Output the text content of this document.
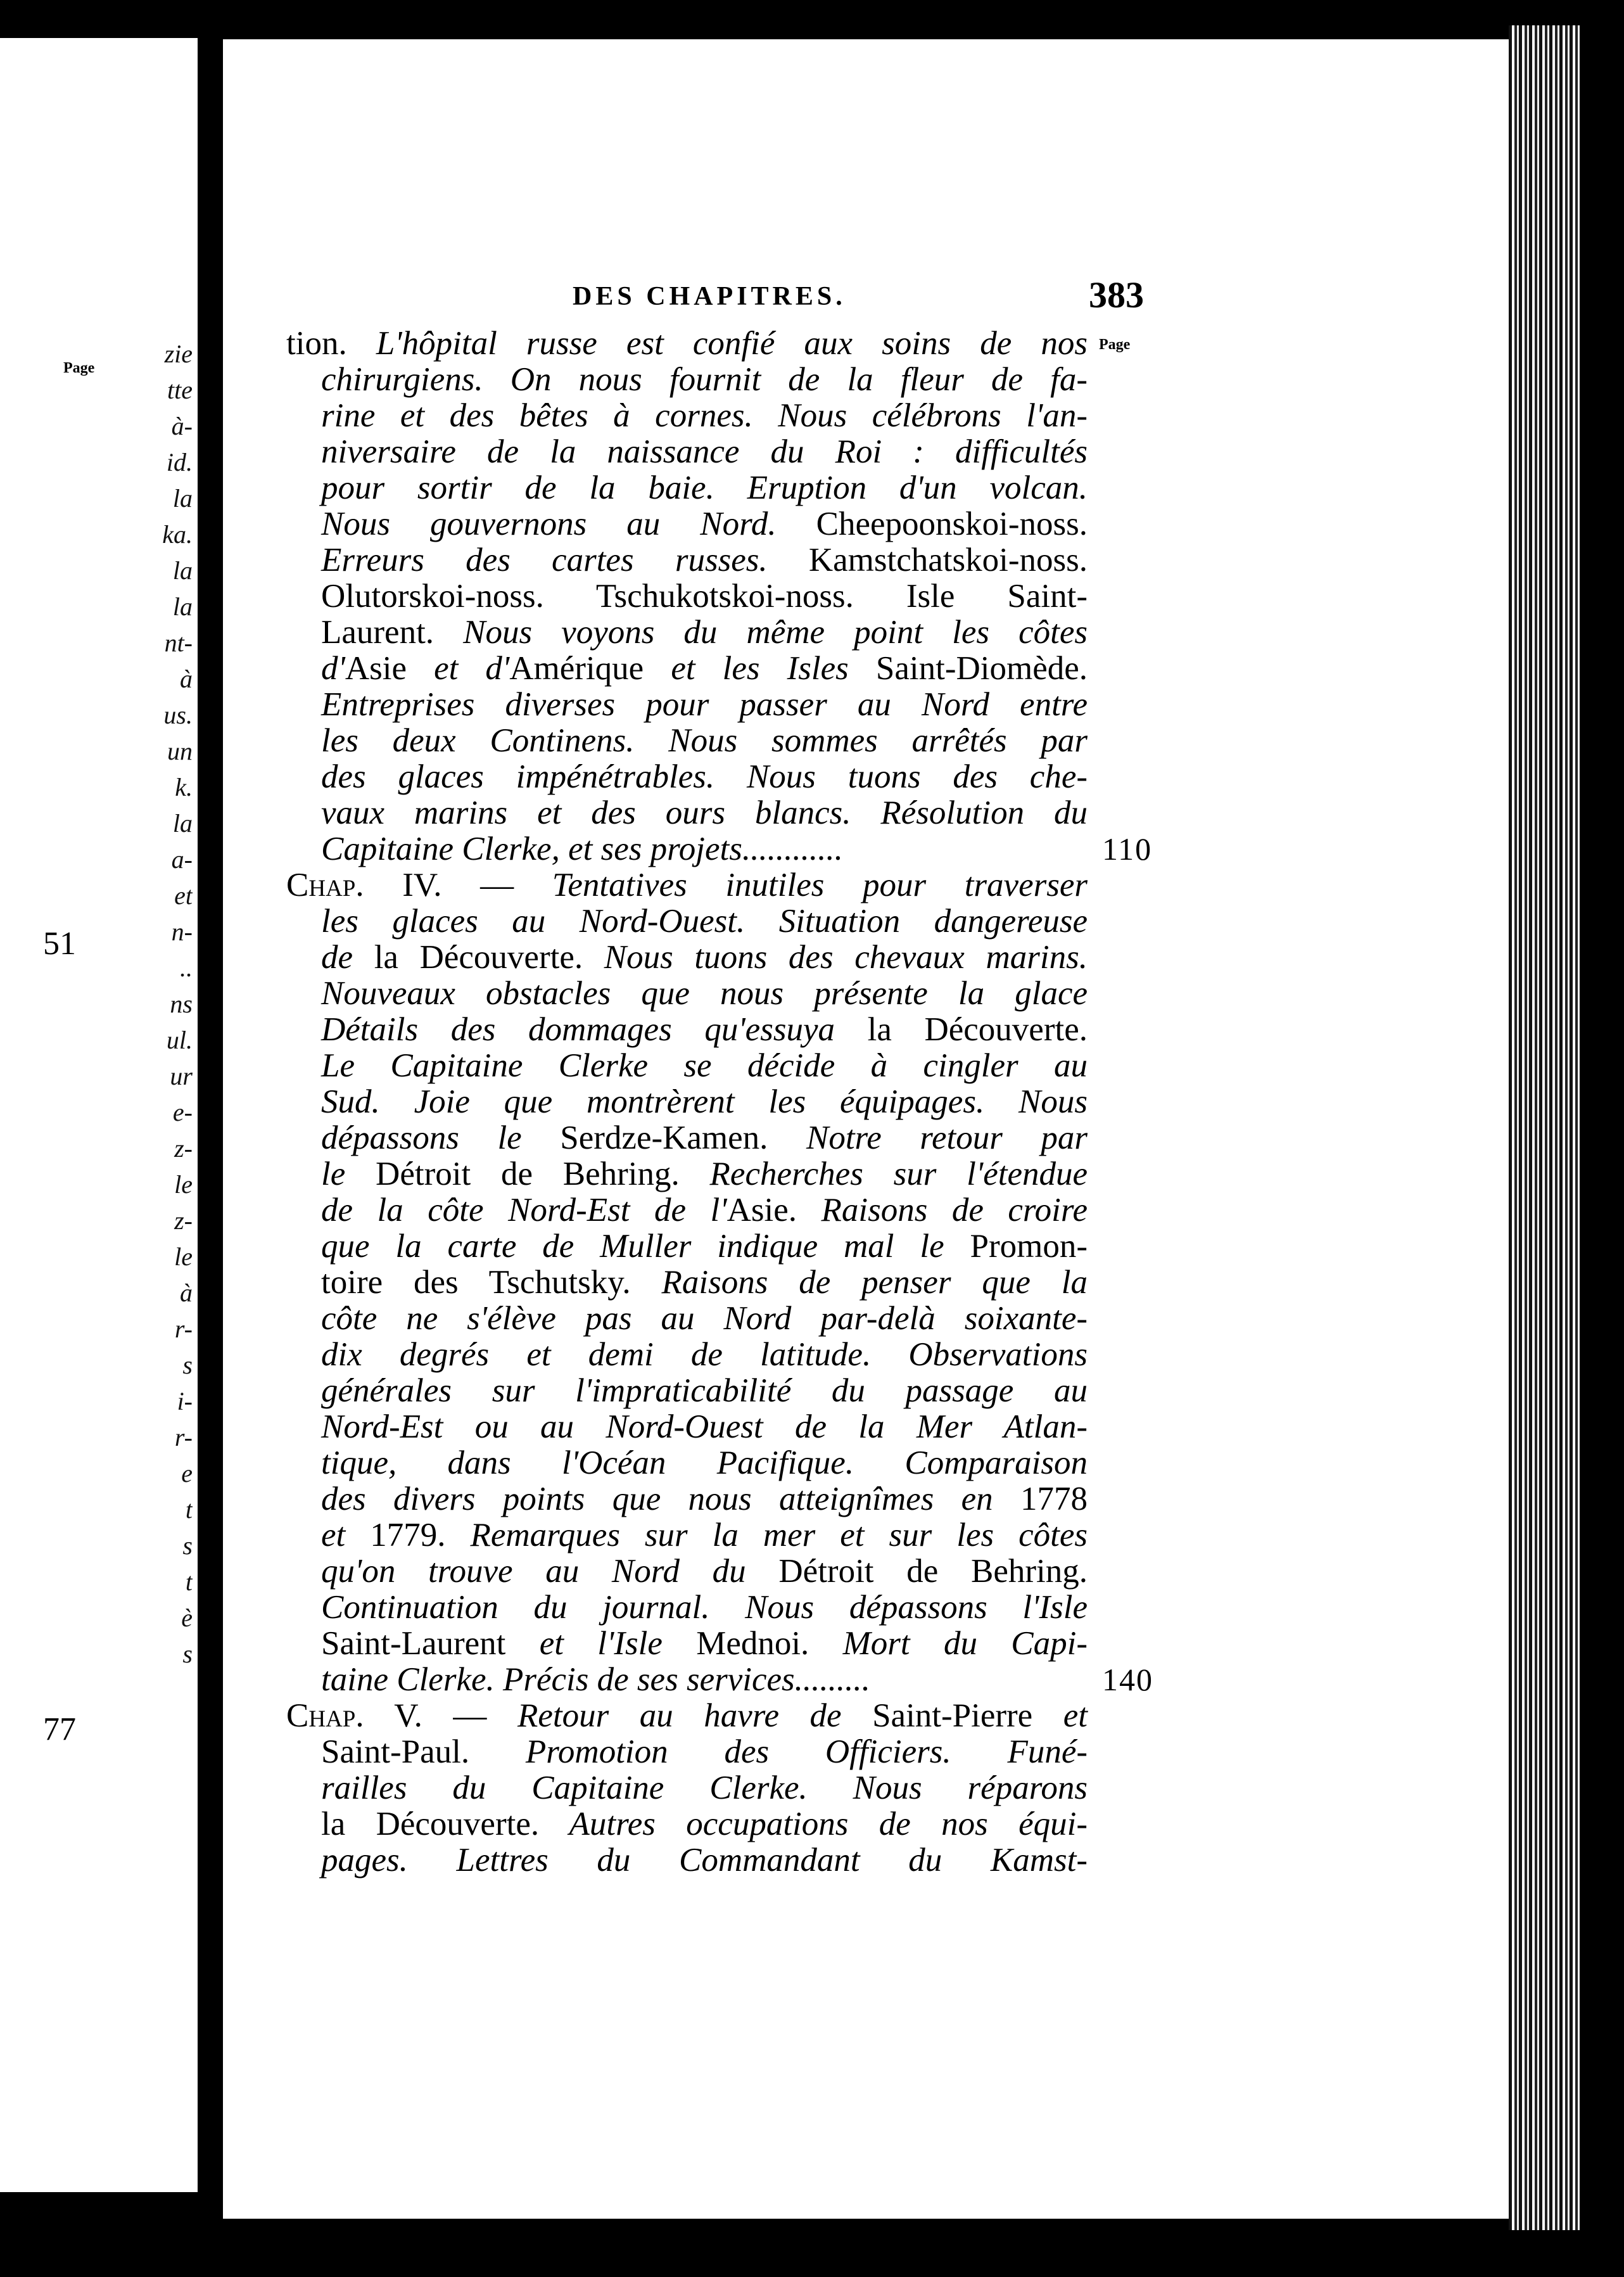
zie
tte
à-
id.
la
ka.
la
la
nt-
à
us.
un
k.
la
a-
et
n-
..
ns
ul.
ur
e-
z-
le
z-
le
à
r-
s
i-
r-
e
t
s
t
è
s
Page
51
77
DES CHAPITRES.	383
Page
tion. L'hôpital russe est confié aux soins de nos
chirurgiens. On nous fournit de la fleur de fa-
rine et des bêtes à cornes. Nous célébrons l'an-
niversaire de la naissance du Roi : difficultés
pour sortir de la baie. Eruption d'un volcan.
Nous gouvernons au Nord. Cheepoonskoi-noss.
Erreurs des cartes russes. Kamstchatskoi-noss.
Olutorskoi-noss. Tschukotskoi-noss. Isle Saint-
Laurent. Nous voyons du même point les côtes
d'Asie et d'Amérique et les Isles Saint-Diomède.
Entreprises diverses pour passer au Nord entre
les deux Continens. Nous sommes arrêtés par
des glaces impénétrables. Nous tuons des che-
vaux marins et des ours blancs. Résolution du
Capitaine Clerke, et ses projets............	110
Chap. IV. — Tentatives inutiles pour traverser
les glaces au Nord-Ouest. Situation dangereuse
de la Découverte. Nous tuons des chevaux marins.
Nouveaux obstacles que nous présente la glace
Détails des dommages qu'essuya la Découverte.
Le Capitaine Clerke se décide à cingler au
Sud. Joie que montrèrent les équipages. Nous
dépassons le Serdze-Kamen. Notre retour par
le Détroit de Behring. Recherches sur l'étendue
de la côte Nord-Est de l'Asie. Raisons de croire
que la carte de Muller indique mal le Promon-
toire des Tschutsky. Raisons de penser que la
côte ne s'élève pas au Nord par-delà soixante-
dix degrés et demi de latitude. Observations
générales sur l'impraticabilité du passage au
Nord-Est ou au Nord-Ouest de la Mer Atlan-
tique, dans l'Océan Pacifique. Comparaison
des divers points que nous atteignîmes en 1778
et 1779. Remarques sur la mer et sur les côtes
qu'on trouve au Nord du Détroit de Behring.
Continuation du journal. Nous dépassons l'Isle
Saint-Laurent et l'Isle Mednoi. Mort du Capi-
taine Clerke. Précis de ses services.........	140
Chap. V. — Retour au havre de Saint-Pierre et
Saint-Paul. Promotion des Officiers. Funé-
railles du Capitaine Clerke. Nous réparons
la Découverte. Autres occupations de nos équi-
pages. Lettres du Commandant du Kamst-
